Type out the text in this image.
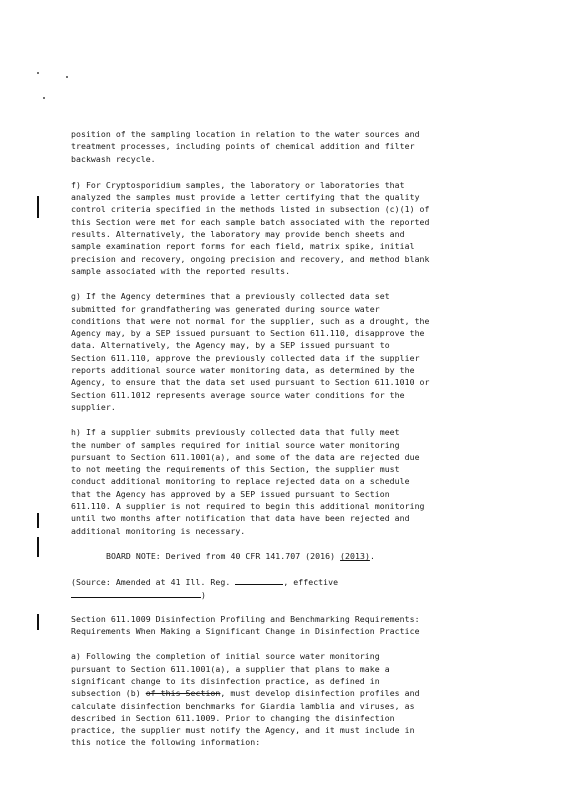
position of the sampling location in relation to the water sources and
treatment processes, including points of chemical addition and filter
backwash recycle.
f) For Cryptosporidium samples, the laboratory or laboratories that
analyzed the samples must provide a letter certifying that the quality
control criteria specified in the methods listed in subsection (c)(1) of
this Section were met for each sample batch associated with the reported
results. Alternatively, the laboratory may provide bench sheets and
sample examination report forms for each field, matrix spike, initial
precision and recovery, ongoing precision and recovery, and method blank
sample associated with the reported results.
g) If the Agency determines that a previously collected data set
submitted for grandfathering was generated during source water
conditions that were not normal for the supplier, such as a drought, the
Agency may, by a SEP issued pursuant to Section 611.110, disapprove the
data. Alternatively, the Agency may, by a SEP issued pursuant to
Section 611.110, approve the previously collected data if the supplier
reports additional source water monitoring data, as determined by the
Agency, to ensure that the data set used pursuant to Section 611.1010 or
Section 611.1012 represents average source water conditions for the
supplier.
h) If a supplier submits previously collected data that fully meet
the number of samples required for initial source water monitoring
pursuant to Section 611.1001(a), and some of the data are rejected due
to not meeting the requirements of this Section, the supplier must
conduct additional monitoring to replace rejected data on a schedule
that the Agency has approved by a SEP issued pursuant to Section
611.110. A supplier is not required to begin this additional monitoring
until two months after notification that data have been rejected and
additional monitoring is necessary.
BOARD NOTE: Derived from 40 CFR 141.707 (2016) (2013).
(Source: Amended at 41 Ill. Reg.	, effective
)
Section 611.1009 Disinfection Profiling and Benchmarking Requirements:
Requirements When Making a Significant Change in Disinfection Practice
a) Following the completion of initial source water monitoring
pursuant to Section 611.1001(a), a supplier that plans to make a
significant change to its disinfection practice, as defined in
subsection (b) of this Section, must develop disinfection profiles and
calculate disinfection benchmarks for Giardia lamblia and viruses, as
described in Section 611.1009. Prior to changing the disinfection
practice, the supplier must notify the Agency, and it must include in
this notice the following information:
